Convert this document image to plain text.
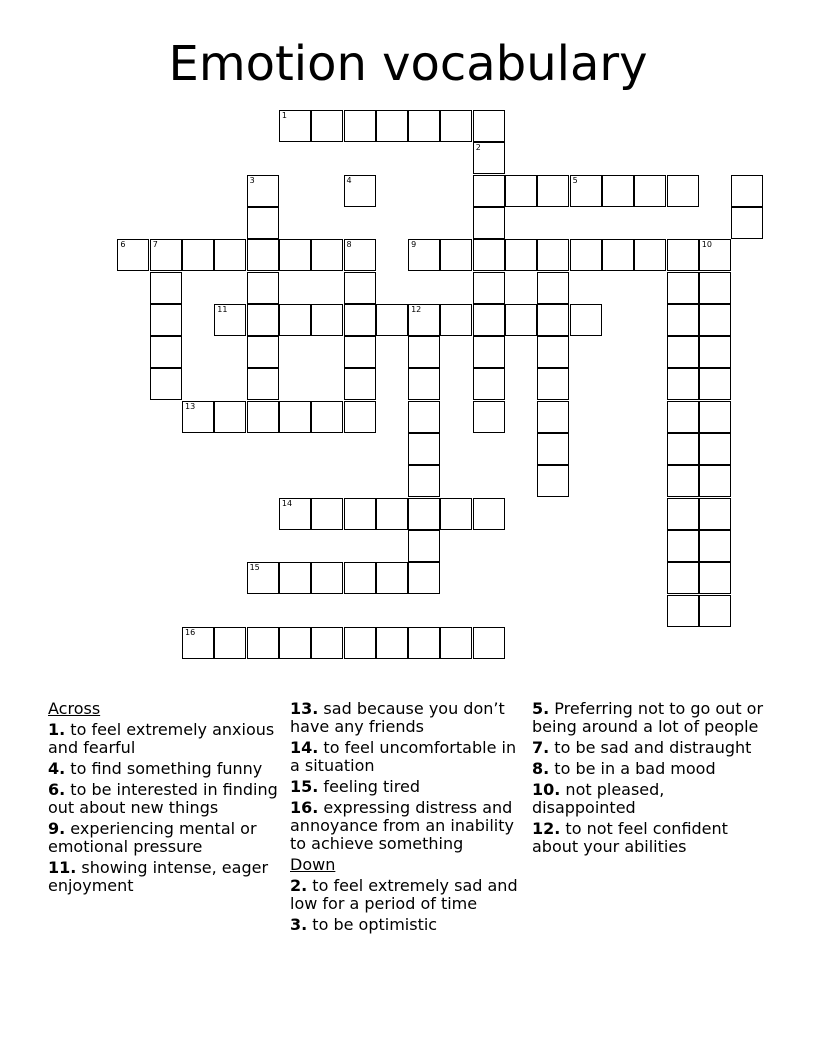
Emotion vocabulary
1
2
3	4	5
6	7	8	9	10
11	12
13
14
15
16
Across
1. to feel extremely anxious and fearful
4. to find something funny
6. to be interested in finding out about new things
9. experiencing mental or emotional pressure
11. showing intense, eager enjoyment
13. sad because you don’t have any friends
14. to feel uncomfortable in a situation
15. feeling tired
16. expressing distress and annoyance from an inability to achieve something
Down
2. to feel extremely sad and low for a period of time
3. to be optimistic
5. Preferring not to go out or being around a lot of people
7. to be sad and distraught
8. to be in a bad mood
10. not pleased, disappointed
12. to not feel confident about your abilities
